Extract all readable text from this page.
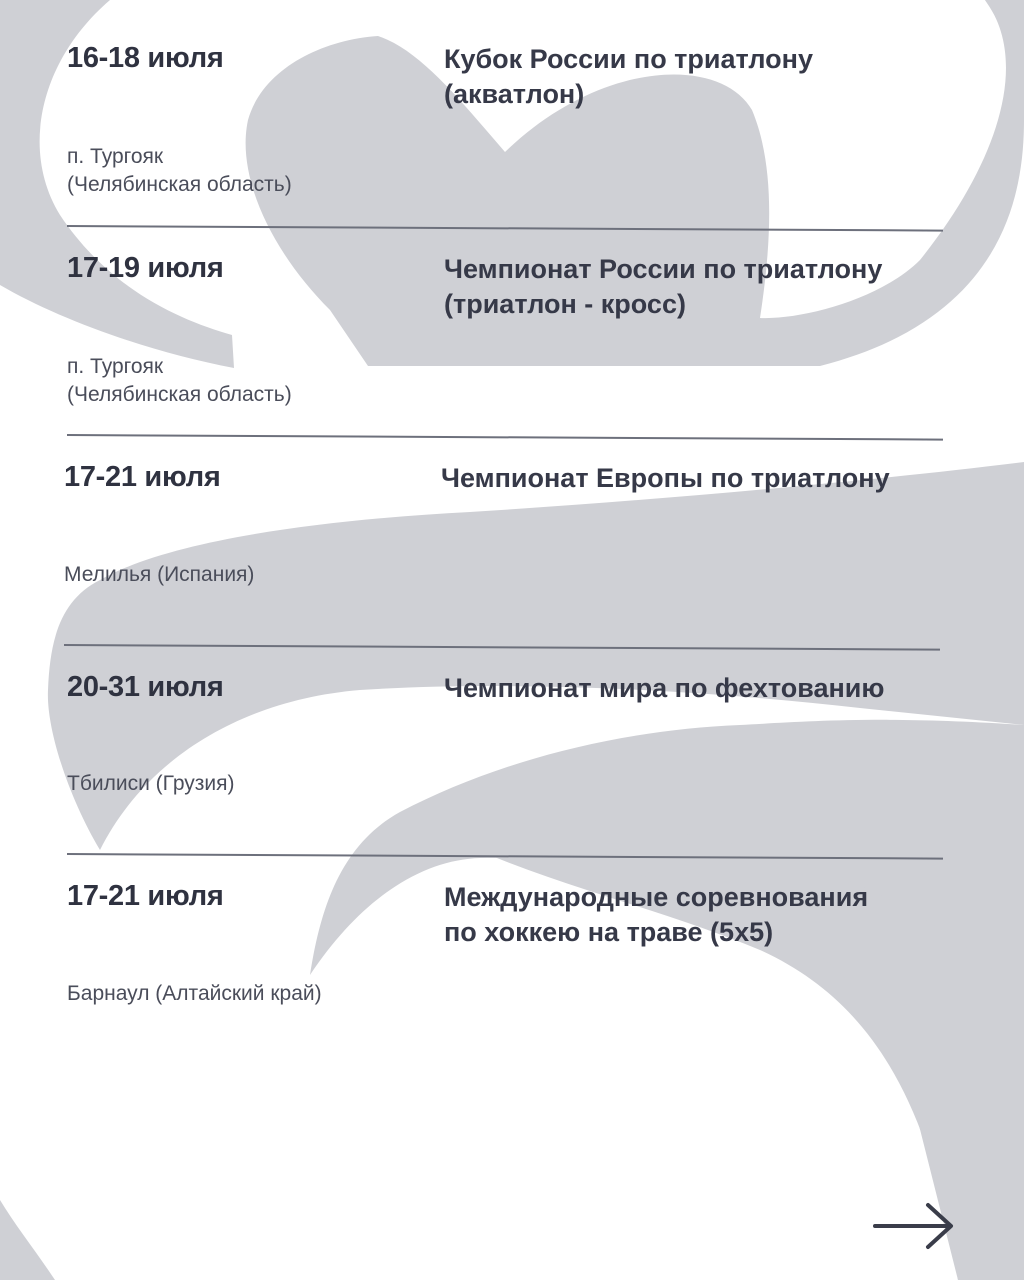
16-18 июля	Кубок России по триатлону
(акватлон)
п. Тургояк
(Челябинская область)
17-19 июля	Чемпионат России по триатлону
(триатлон - кросс)
п. Тургояк
(Челябинская область)
17-21 июля	Чемпионат Европы по триатлону
Мелилья (Испания)
20-31 июля	Чемпионат мира по фехтованию
Тбилиси (Грузия)
17-21 июля	Международные соревнования
по хоккею на траве (5x5)
Барнаул (Алтайский край)
